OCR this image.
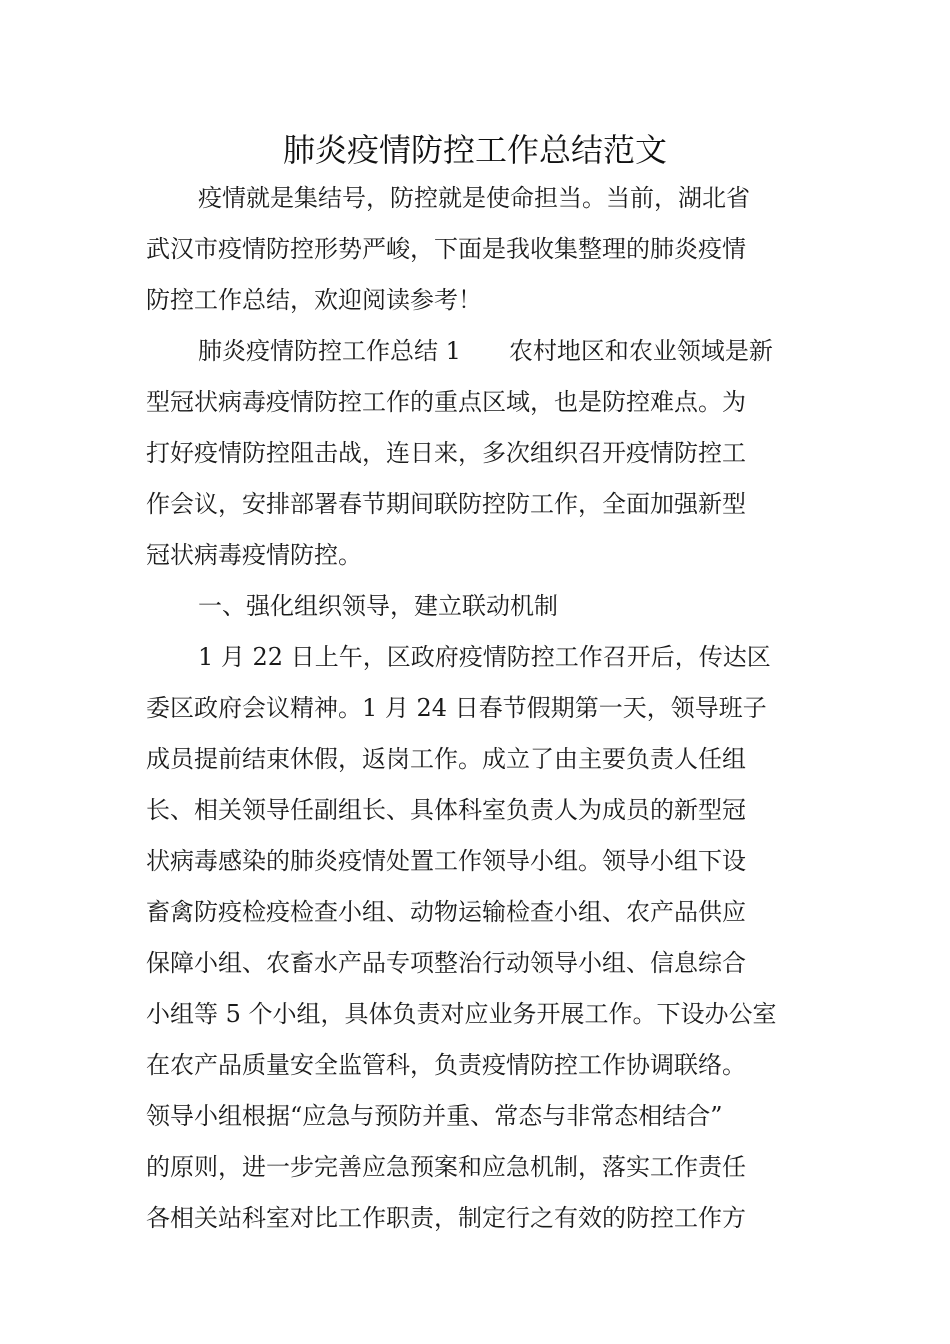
肺炎疫情防控工作总结范文

疫情就是集结号，防控就是使命担当。当前，湖北省
武汉市疫情防控形势严峻，下面是我收集整理的肺炎疫情
防控工作总结，欢迎阅读参考！

肺炎疫情防控工作总结 1 农村地区和农业领域是新
型冠状病毒疫情防控工作的重点区域，也是防控难点。为
打好疫情防控阻击战，连日来，多次组织召开疫情防控工
作会议，安排部署春节期间联防控防工作，全面加强新型
冠状病毒疫情防控。

一、强化组织领导，建立联动机制

1 月 22 日上午，区政府疫情防控工作召开后，传达区
委区政府会议精神。1 月 24 日春节假期第一天，领导班子
成员提前结束休假，返岗工作。成立了由主要负责人任组
长、相关领导任副组长、具体科室负责人为成员的新型冠
状病毒感染的肺炎疫情处置工作领导小组。领导小组下设
畜禽防疫检疫检查小组、动物运输检查小组、农产品供应
保障小组、农畜水产品专项整治行动领导小组、信息综合
小组等 5 个小组，具体负责对应业务开展工作。下设办公室
在农产品质量安全监管科，负责疫情防控工作协调联络。
领导小组根据“应急与预防并重、常态与非常态相结合”
的原则，进一步完善应急预案和应急机制，落实工作责任
各相关站科室对比工作职责，制定行之有效的防控工作方
